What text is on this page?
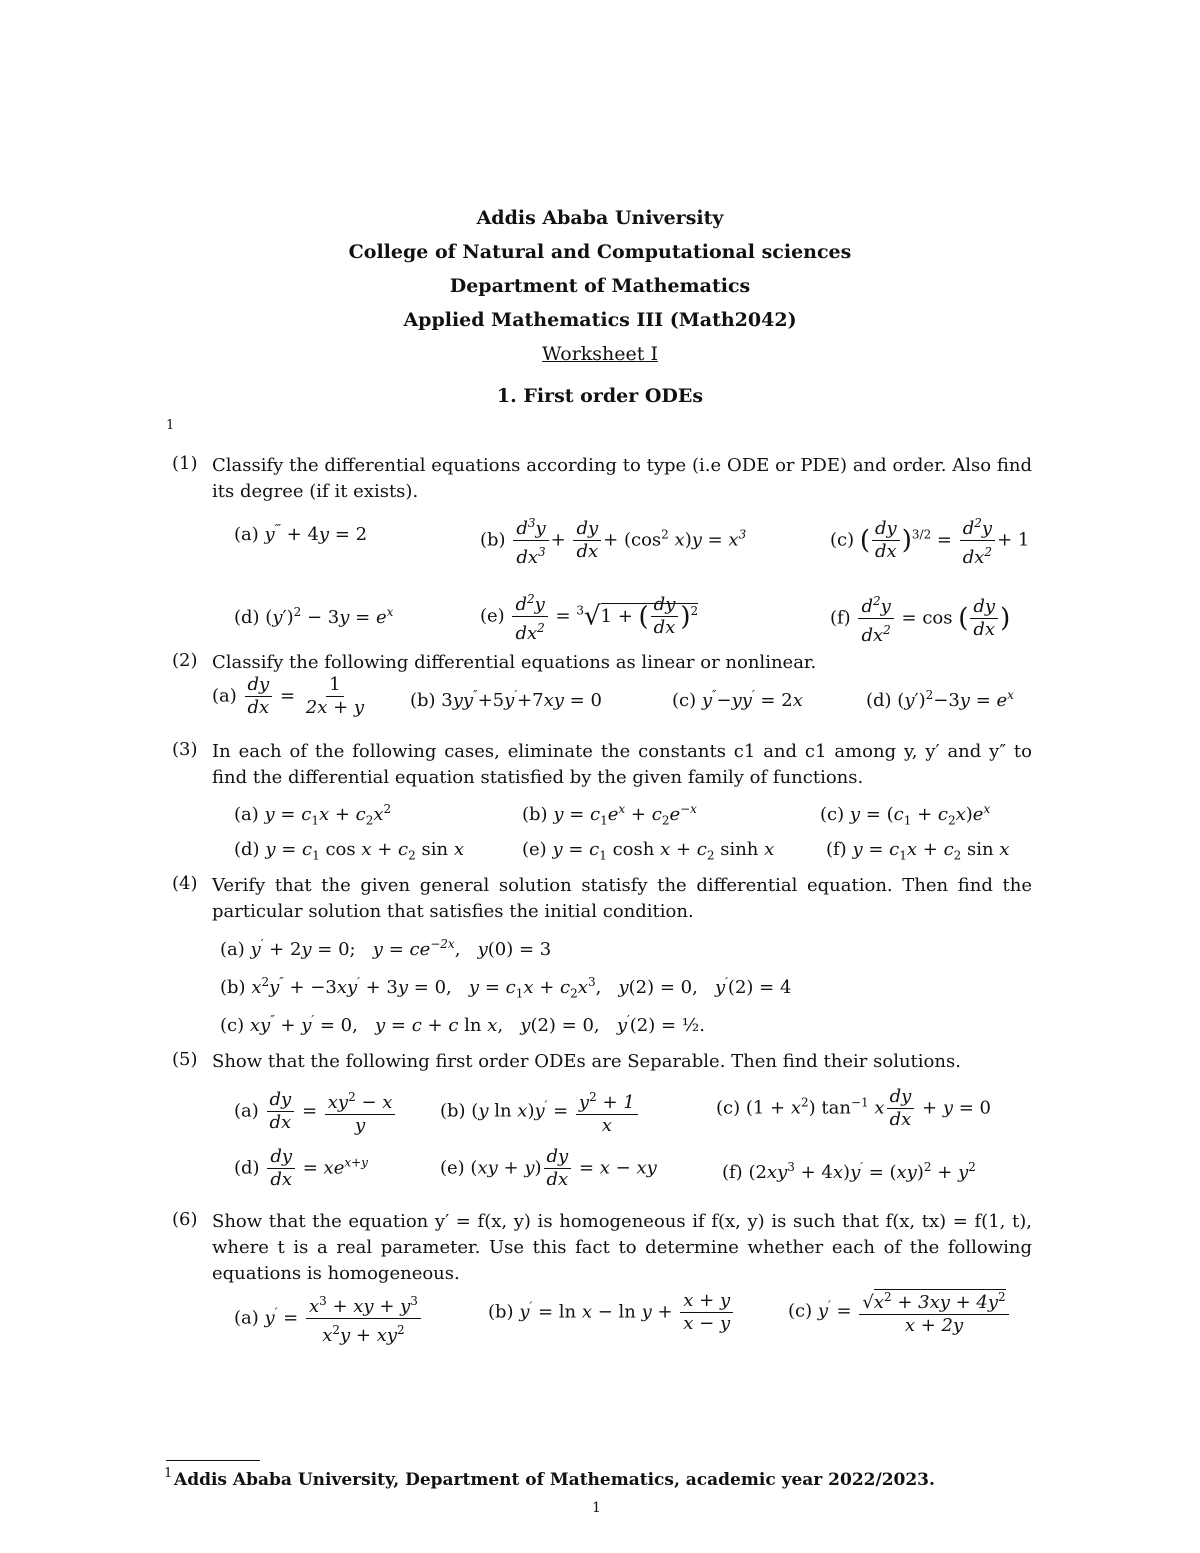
Addis Ababa University
College of Natural and Computational sciences
Department of Mathematics
Applied Mathematics III (Math2042)
Worksheet I
1. First order ODEs
1
(1) Classify the differential equations according to type (i.e ODE or PDE) and order. Also find its degree (if it exists).
(a) y‴ + 4y = 2	$(b) \frac{d^3y}{dx^3} + \frac{dy}{dx} + (\cos^2$ $x)y = x^3$	(c) ( $\frac{dy}{dx} )^{3/2} = \frac{d^2y}{dx^2} + 1$
(d) $(y')^2 - 3y = e^x$	$(e) \frac{d^2y}{dx^2} = ^3√1$ + ( $\frac{dy}{dx} )^2$	$(f) \frac{d^2y}{dx^2} = \cos$ ( $\frac{dy}{dx}$ )
(2) Classify the following differential equations as linear or nonlinear.
$(a) \frac{dy}{dx} = \frac{1}{2x + y} (b) 3yy''+5y'+7xy = 0$	(c) y″−yy′ = 2x	(d) $(y')^2-3y = e^x$
(3) In each of the following cases, eliminate the constants c1 and c1 among y, y′ and y″ to find the differential equation statisfied by the given family of functions.
(a) $y = c_1x + c_2x^2$	(b) $y = c_1e^x + c_2e^{-x}$	(c) $y = (c_1 + c_2x)e^x$
(d) $y = c_1$ $\cos x + c_2$ sin x	(e) $y = c_1$ $\cosh x + c_2$ sinh x	(f) $y = c_1x + c_2$ sin x
(4) Verify that the given general solution statisfy the differential equation. Then find the particular solution that satisfies the initial condition.
(a) y′ + 2y = 0;   $y = ce^{-2x}$,   y(0) = 3
(b) $x^2y'' + -3xy' + 3y = 0$,   $y = c_1x + c_2x^3$,   y(2) = 0,   y′(2) = 4
(c) xy″ + y′ = 0,   y = c + c ln x,   y(2) = 0,   y′(2) = ½.
(5) Show that the following first order ODEs are Separable. Then find their solutions.
$(a) \frac{dy}{dx} = \frac{xy^2 - x}{y} (b)$ (y $\ln x)y' = \frac{y^2 + 1}{x}$	(c) $(1 + x^2)$ $\tan^{-1} x \frac{dy}{dx} + y = 0$
$(d) \frac{dy}{dx} = xe^{x+y}$	(e) $(xy + y) \frac{dy}{dx} = x$ − xy	(f) $(2xy^3 + 4x)y' = (xy)^2 + y^2$
(6) Show that the equation y′ = f(x, y) is homogeneous if f(x, y) is such that f(x, tx) = f(1, t), where t is a real parameter. Use this fact to determine whether each of the following equations is homogeneous.
(a) $y' = \frac{x^3 + xy + y^3}{x^2y + xy^2}$	(b) $y' = \ln x - \ln y + \frac{x + y}{x - y}$	(c) $y' = \frac{√x^2 + 3xy + 4y^2}{x + 2y}$
1 Addis Ababa University, Department of Mathematics, academic year 2022/2023.
1
